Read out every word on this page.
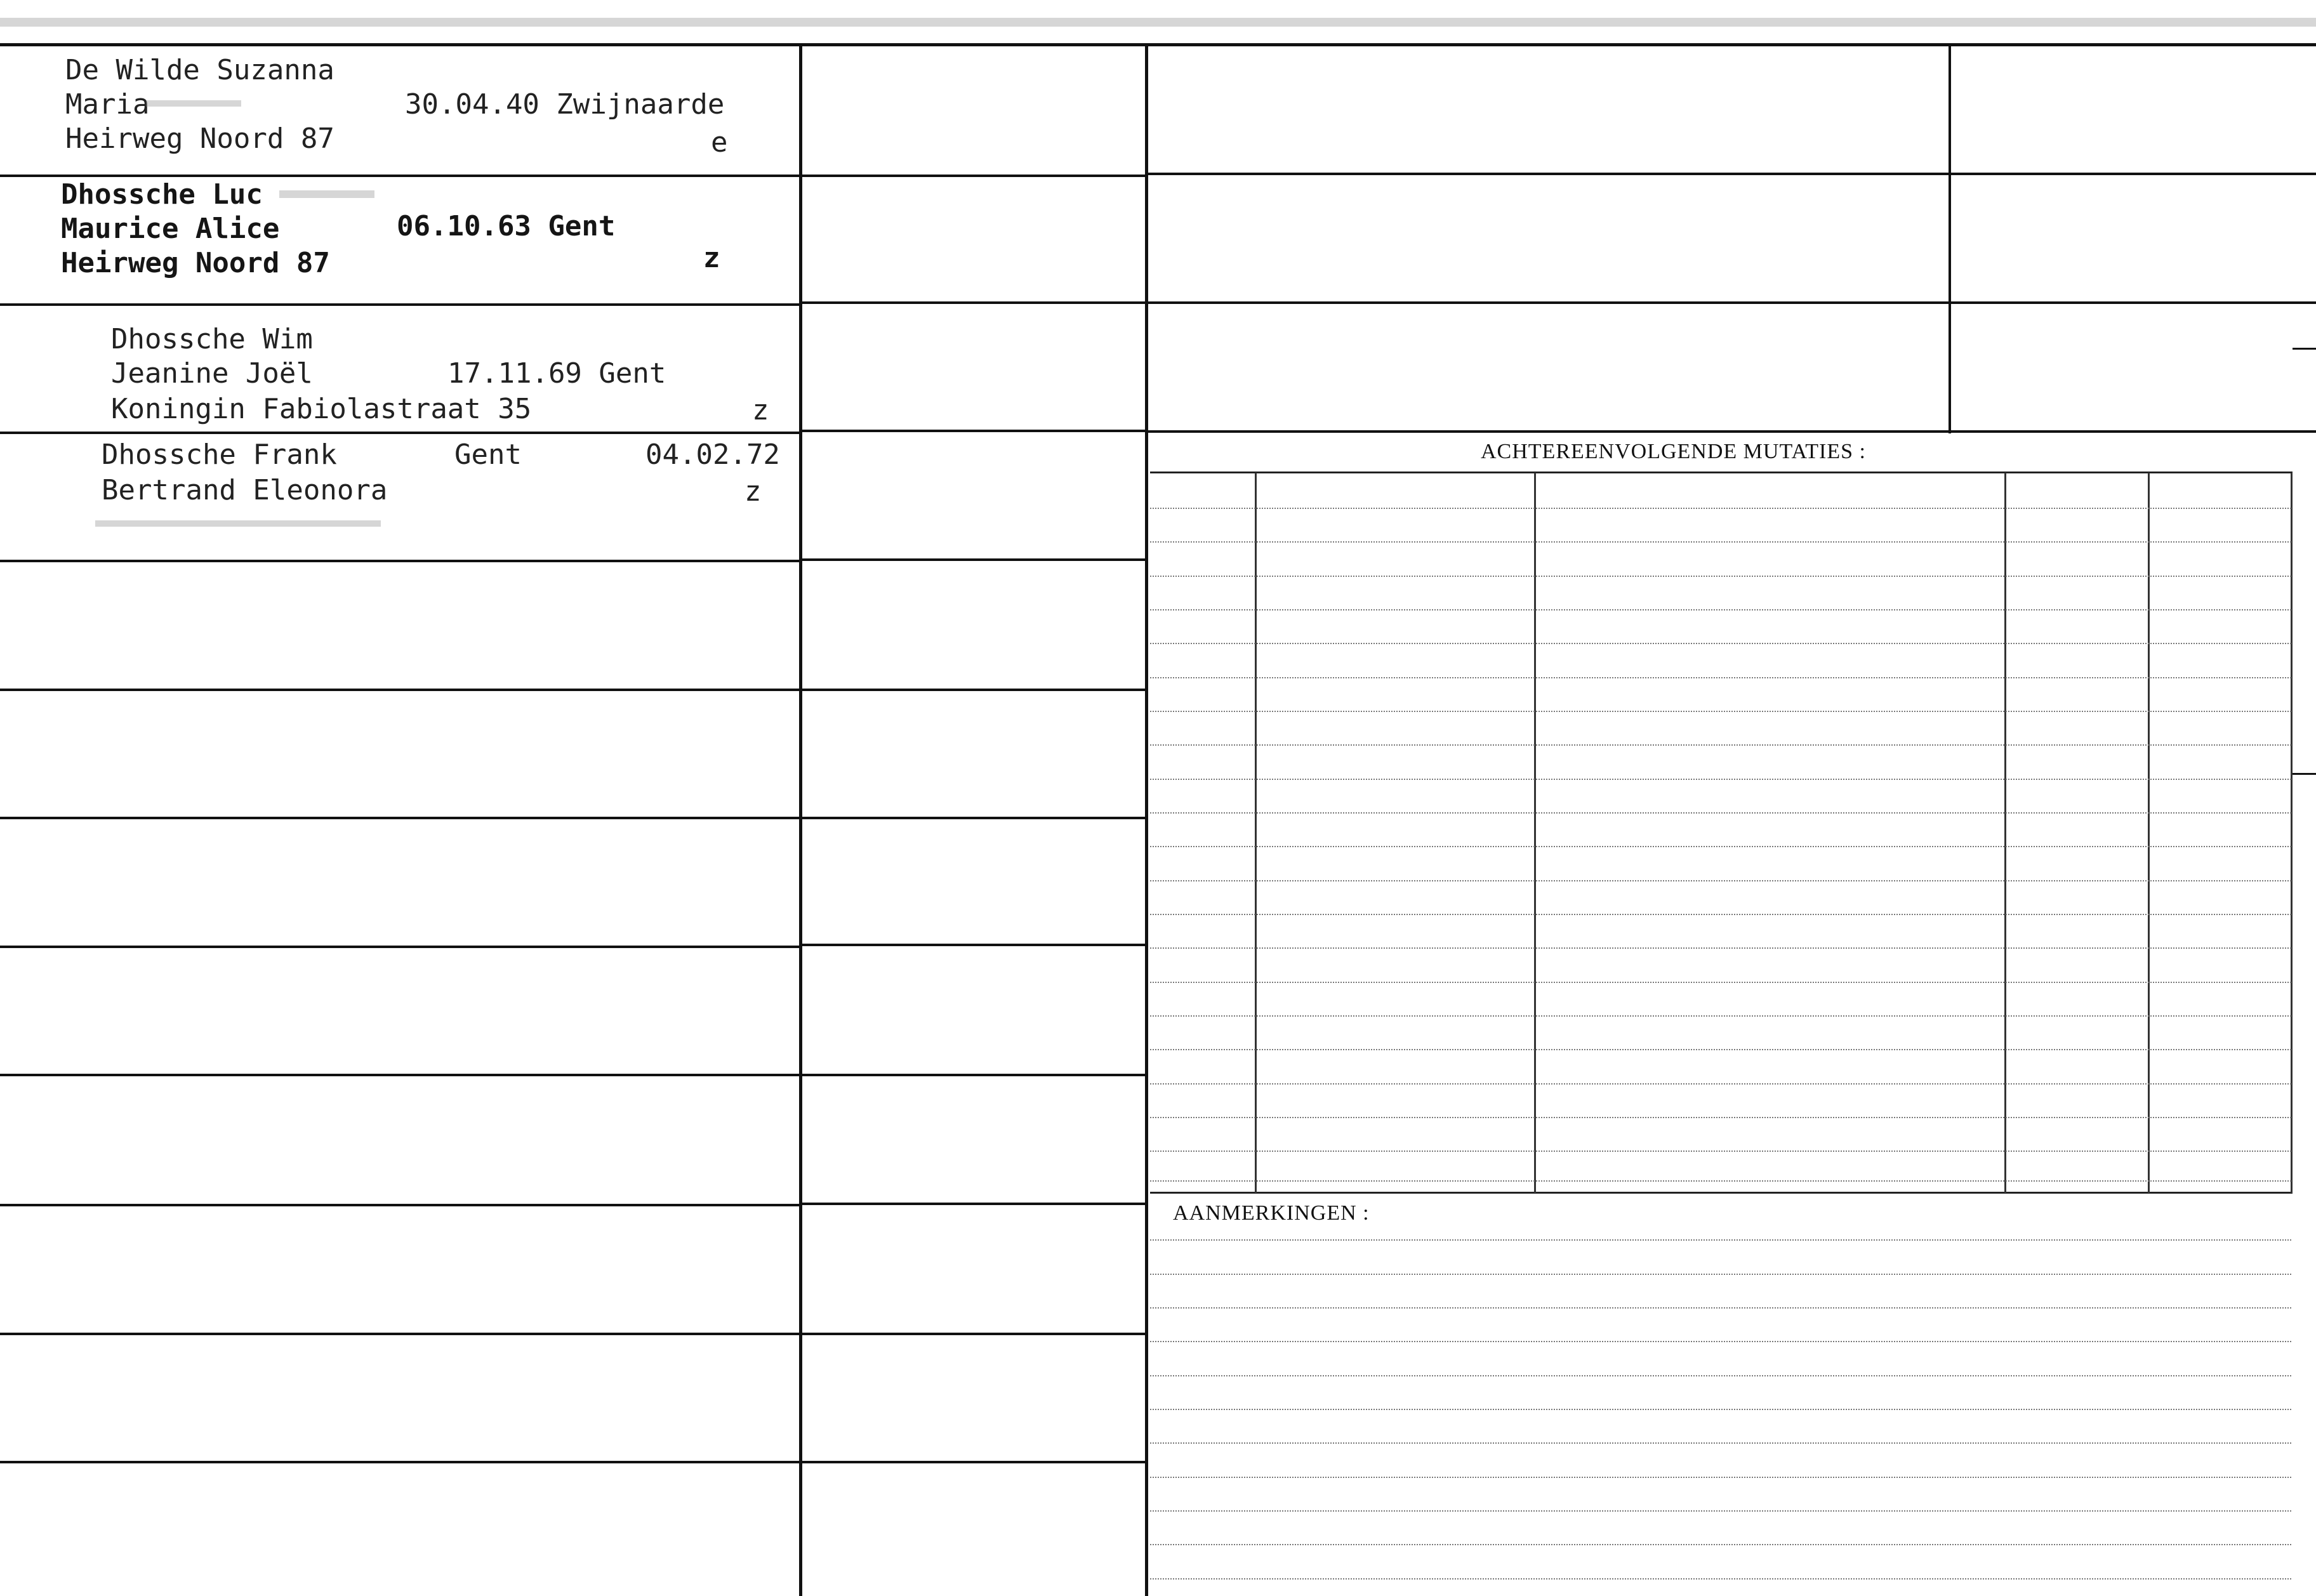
ACHTEREENVOLGENDE MUTATIES :
AANMERKINGEN :
De Wilde Suzanna
Maria
Heirweg Noord 87
30.04.40 Zwijnaarde
e
Dhossche Luc
Maurice Alice
Heirweg Noord 87
06.10.63 Gent
z
Dhossche Wim
Jeanine Joël
Koningin Fabiolastraat 35
17.11.69 Gent
z
Dhossche Frank
Bertrand Eleonora
Gent	04.02.72
z
